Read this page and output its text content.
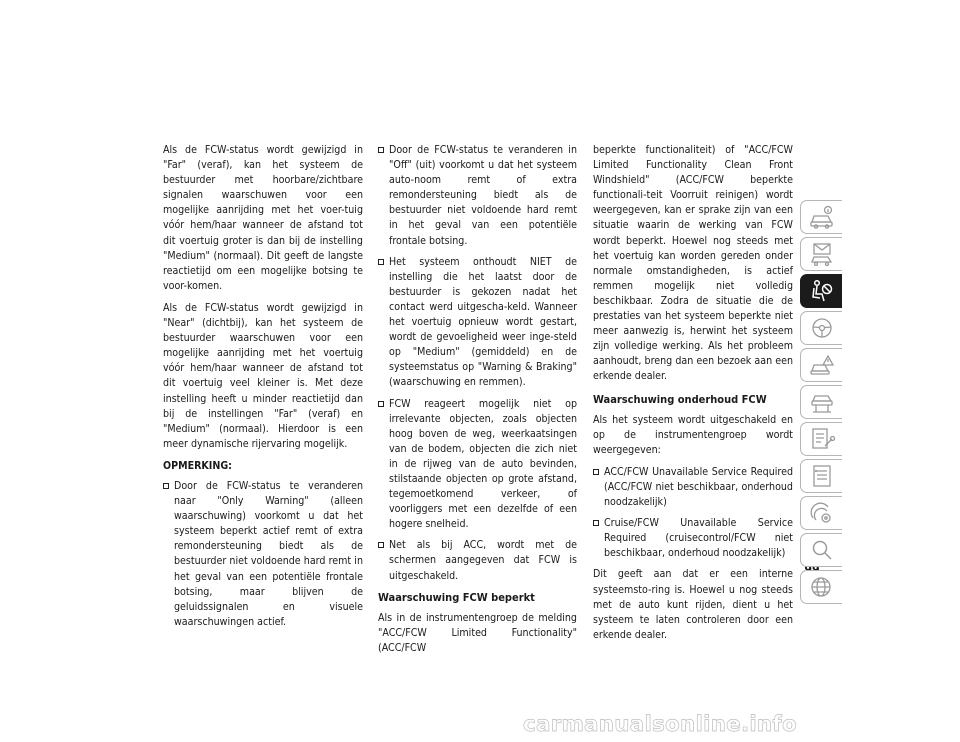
Als de FCW-status wordt gewijzigd in "Far" (veraf), kan het systeem de bestuurder met hoorbare/zichtbare signalen waarschuwen voor een mogelijke aanrijding met het voer-tuig vóór hem/haar wanneer de afstand tot dit voertuig groter is dan bij de instelling "Medium" (normaal). Dit geeft de langste reactietijd om een mogelijke botsing te voor-komen.

Als de FCW-status wordt gewijzigd in "Near" (dichtbij), kan het systeem de bestuurder waarschuwen voor een mogelijke aanrijding met het voertuig vóór hem/haar wanneer de afstand tot dit voertuig veel kleiner is. Met deze instelling heeft u minder reactietijd dan bij de instellingen "Far" (veraf) en "Medium" (normaal). Hierdoor is een meer dynamische rijervaring mogelijk.

OPMERKING:
Door de FCW-status te veranderen naar "Only Warning" (alleen waarschuwing) voorkomt u dat het systeem beperkt actief remt of extra remondersteuning biedt als de bestuurder niet voldoende hard remt in het geval van een potentiële frontale botsing, maar blijven de geluidssignalen en visuele waarschuwingen actief.
Door de FCW-status te veranderen in "Off" (uit) voorkomt u dat het systeem auto-noom remt of extra remondersteuning biedt als de bestuurder niet voldoende hard remt in het geval van een potentiële frontale botsing.
Het systeem onthoudt NIET de instelling die het laatst door de bestuurder is gekozen nadat het contact werd uitgescha-keld. Wanneer het voertuig opnieuw wordt gestart, wordt de gevoeligheid weer inge-steld op "Medium" (gemiddeld) en de systeemstatus op "Warning & Braking" (waarschuwing en remmen).
FCW reageert mogelijk niet op irrelevante objecten, zoals objecten hoog boven de weg, weerkaatsingen van de bodem, objecten die zich niet in de rijweg van de auto bevinden, stilstaande objecten op grote afstand, tegemoetkomend verkeer, of voorliggers met een dezelfde of een hogere snelheid.
Net als bij ACC, wordt met de schermen aangegeven dat FCW is uitgeschakeld.
Waarschuwing FCW beperkt

Als in de instrumentengroep de melding "ACC/FCW Limited Functionality" (ACC/FCW

beperkte functionaliteit) of "ACC/FCW Limited Functionality Clean Front Windshield" (ACC/FCW beperkte functionali-teit Voorruit reinigen) wordt weergegeven, kan er sprake zijn van een situatie waarin de werking van FCW wordt beperkt. Hoewel nog steeds met het voertuig kan worden gereden onder normale omstandigheden, is actief remmen mogelijk niet volledig beschikbaar. Zodra de situatie die de prestaties van het systeem beperkte niet meer aanwezig is, herwint het systeem zijn volledige werking. Als het probleem aanhoudt, breng dan een bezoek aan een erkende dealer.

Waarschuwing onderhoud FCW

Als het systeem wordt uitgeschakeld en op de instrumentengroep wordt weergegeven:

ACC/FCW Unavailable Service Required (ACC/FCW niet beschikbaar, onderhoud noodzakelijk)
Cruise/FCW Unavailable Service Required (cruisecontrol/FCW niet beschikbaar, onderhoud noodzakelijk)

Dit geeft aan dat er een interne systeemsto-ring is. Hoewel u nog steeds met de auto kunt rijden, dient u het systeem te laten controleren door een erkende dealer.

carmanualsonline.info
